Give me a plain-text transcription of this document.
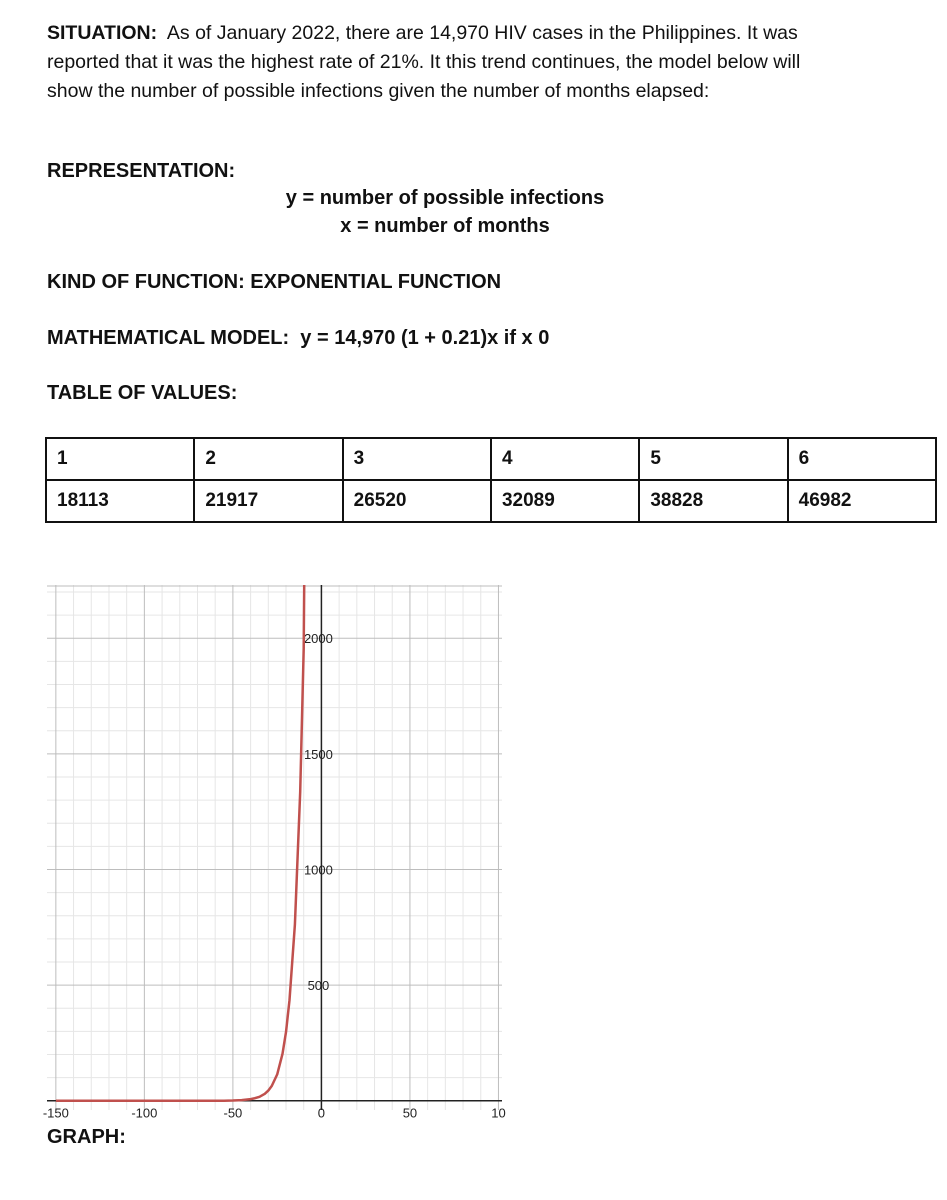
SITUATION: As of January 2022, there are 14,970 HIV cases in the Philippines. It was reported that it was the highest rate of 21%. It this trend continues, the model below will show the number of possible infections given the number of months elapsed:

REPRESENTATION:

y = number of possible infections
x = number of months

KIND OF FUNCTION: EXPONENTIAL FUNCTION

MATHEMATICAL MODEL:  y = 14,970 (1 + 0.21)x if x 0

TABLE OF VALUES:

1	2	3	4	5	6
18113	21917	26520	32089	38828	46982
-150	-100	-50	0	50	10
500
1000
1500
2000
GRAPH:
